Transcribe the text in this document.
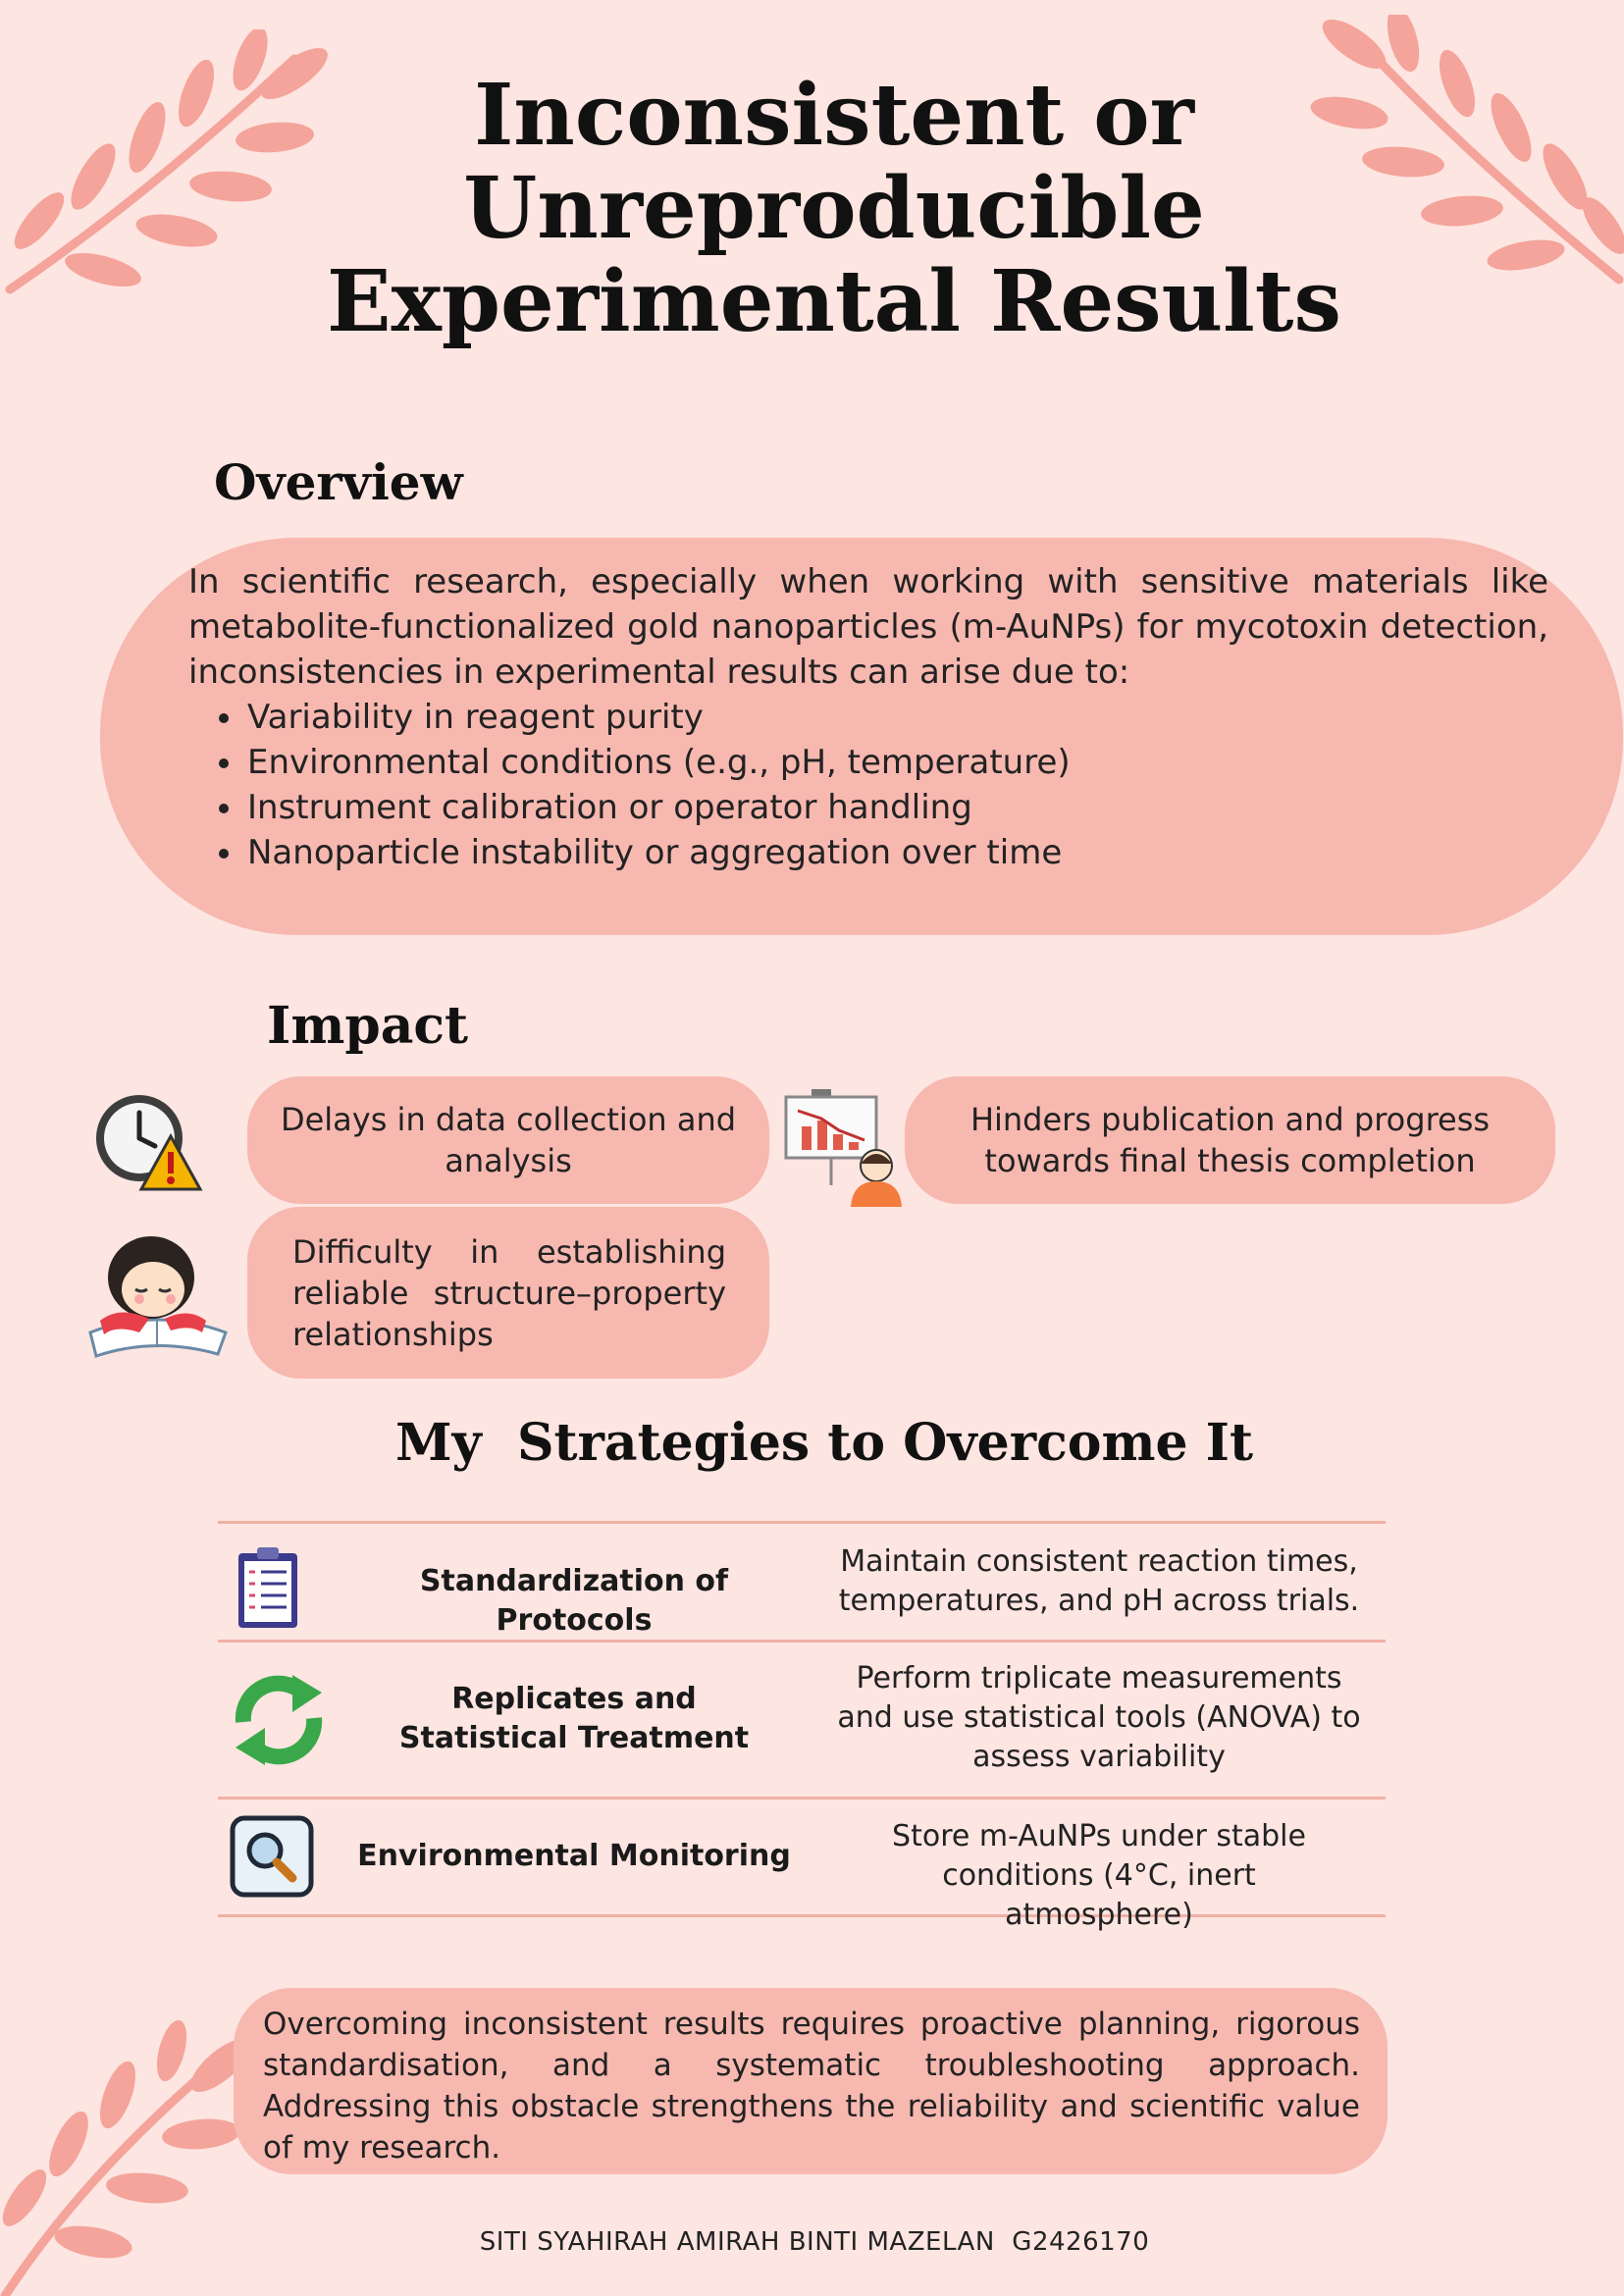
Inconsistent or
Unreproducible
Experimental Results
Overview
In scientific research, especially when working with sensitive materials like metabolite-functionalized gold nanoparticles (m-AuNPs) for mycotoxin detection, inconsistencies in experimental results can arise due to:
• Variability in reagent purity
• Environmental conditions (e.g., pH, temperature)
• Instrument calibration or operator handling
• Nanoparticle instability or aggregation over time
Impact
Delays in data collection and analysis
Hinders publication and progress towards final thesis completion
Difficulty in establishing reliable structure–property relationships
My  Strategies to Overcome It
Standardization of Protocols
Maintain consistent reaction times, temperatures, and pH across trials.
Replicates and Statistical Treatment
Perform triplicate measurements and use statistical tools (ANOVA) to assess variability
Environmental Monitoring
Store m-AuNPs under stable conditions (4°C, inert atmosphere)
Overcoming inconsistent results requires proactive planning, rigorous standardisation, and a systematic troubleshooting approach. Addressing this obstacle strengthens the reliability and scientific value of my research.
SITI SYAHIRAH AMIRAH BINTI MAZELAN  G2426170
